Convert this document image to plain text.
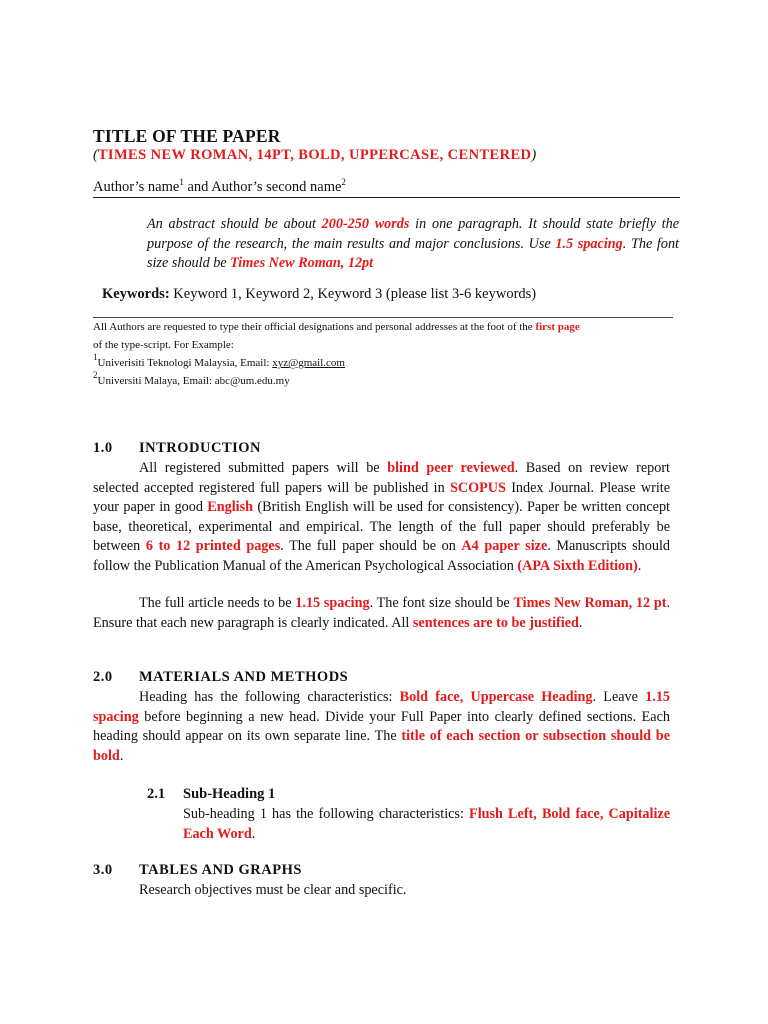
TITLE OF THE PAPER
(TIMES NEW ROMAN, 14PT, BOLD, UPPERCASE, CENTERED)
Author’s name$^1$ and Author’s second name$^2$
An abstract should be about 200-250 words in one paragraph. It should state briefly the purpose of the research, the main results and major conclusions. Use 1.5 spacing. The font size should be Times New Roman, 12pt
Keywords: Keyword 1, Keyword 2, Keyword 3 (please list 3-6 keywords)
All Authors are requested to type their official designations and personal addresses at the foot of the first page
of the type-script. For Example:
$^1$Univerisiti Teknologi Malaysia, Email: xyz@gmail.com
$^2$Universiti Malaya, Email: abc@um.edu.my
1.0 INTRODUCTION
All registered submitted papers will be blind peer reviewed. Based on review report selected accepted registered full papers will be published in SCOPUS Index Journal. Please write your paper in good English (British English will be used for consistency). Paper be written concept base, theoretical, experimental and empirical. The length of the full paper should preferably be between 6 to 12 printed pages. The full paper should be on A4 paper size. Manuscripts should follow the Publication Manual of the American Psychological Association (APA Sixth Edition).
The full article needs to be 1.15 spacing. The font size should be Times New Roman, 12 pt. Ensure that each new paragraph is clearly indicated. All sentences are to be justified.
2.0 MATERIALS AND METHODS
Heading has the following characteristics: Bold face, Uppercase Heading. Leave 1.15 spacing before beginning a new head. Divide your Full Paper into clearly defined sections. Each heading should appear on its own separate line. The title of each section or subsection should be bold.
2.1 Sub-Heading 1
Sub-heading 1 has the following characteristics: Flush Left, Bold face, Capitalize Each Word.
3.0 TABLES AND GRAPHS
Research objectives must be clear and specific.
